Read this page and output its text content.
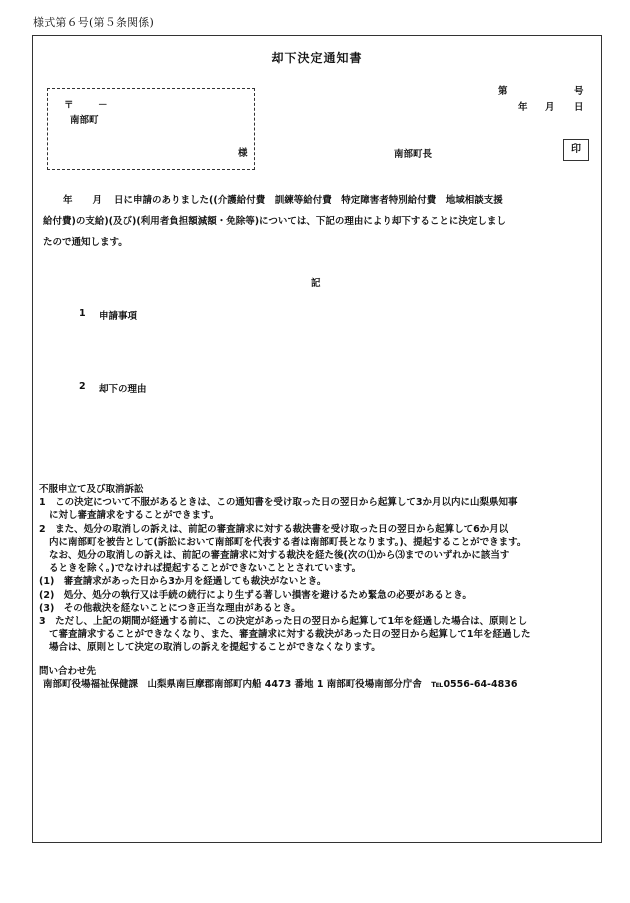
様式第６号(第５条関係)
却下決定通知書
第	号
年 月 日
〒	－
南部町
様	南部町長	印
年 月 日に申請のありました((介護給付費　訓練等給付費　特定障害者特別給付費　地域相談支援
給付費)の支給)(及び)(利用者負担額減額・免除等)については、下記の理由により却下することに決定しまし
たので通知します。
記
1 申請事項
2 却下の理由
不服申立て及び取消訴訟
1　この決定について不服があるときは、この通知書を受け取った日の翌日から起算して3か月以内に山梨県知事
に対し審査請求をすることができます。
2　また、処分の取消しの訴えは、前記の審査請求に対する裁決書を受け取った日の翌日から起算して6か月以
内に南部町を被告として(訴訟において南部町を代表する者は南部町長となります。)、提起することができます。
なお、処分の取消しの訴えは、前記の審査請求に対する裁決を経た後(次の⑴から⑶までのいずれかに該当す
るときを除く。)でなければ提起することができないこととされています。
(1)　審査請求があった日から3か月を経過しても裁決がないとき。
(2)　処分、処分の執行又は手続の続行により生ずる著しい損害を避けるため緊急の必要があるとき。
(3)　その他裁決を経ないことにつき正当な理由があるとき。
3　ただし、上記の期間が経過する前に、この決定があった日の翌日から起算して1年を経過した場合は、原則とし
て審査請求することができなくなり、また、審査請求に対する裁決があった日の翌日から起算して1年を経過した
場合は、原則として決定の取消しの訴えを提起することができなくなります。
問い合わせ先
南部町役場福祉保健課　山梨県南巨摩郡南部町内船 4473 番地 1 南部町役場南部分庁舎　℡0556-64-4836
